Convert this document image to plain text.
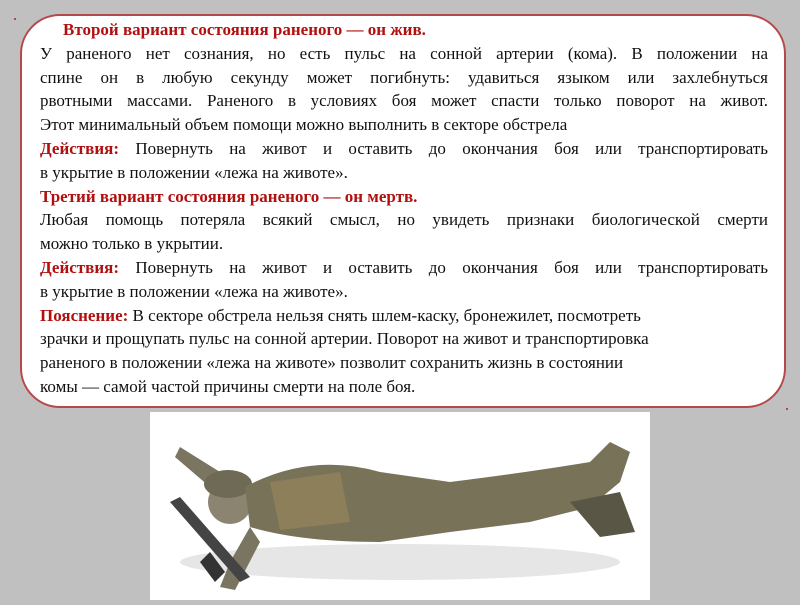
Второй вариант состояния раненого — он жив.
У раненого нет сознания, но есть пульс на сонной артерии (кома). В положении на
спине он в любую секунду может погибнуть: удавиться языком или захлебнуться
рвотными массами. Раненого в условиях боя может спасти только поворот на живот.
Этот минимальный объем помощи можно выполнить в секторе обстрела
Действия: Повернуть на живот и оставить до окончания боя или транспортировать
в укрытие в положении «лежа на животе».
Третий вариант состояния раненого — он мертв.
Любая помощь потеряла всякий смысл, но увидеть признаки биологической смерти
можно только в укрытии.
Действия: Повернуть на живот и оставить до окончания боя или транспортировать
в укрытие в положении «лежа на животе».
Пояснение: В секторе обстрела нельзя снять шлем-каску, бронежилет, посмотреть
зрачки и прощупать пульс на сонной артерии. Поворот на живот и транспортировка
раненого в положении «лежа на животе» позволит сохранить жизнь в состоянии
комы — самой частой причины смерти на поле боя.
